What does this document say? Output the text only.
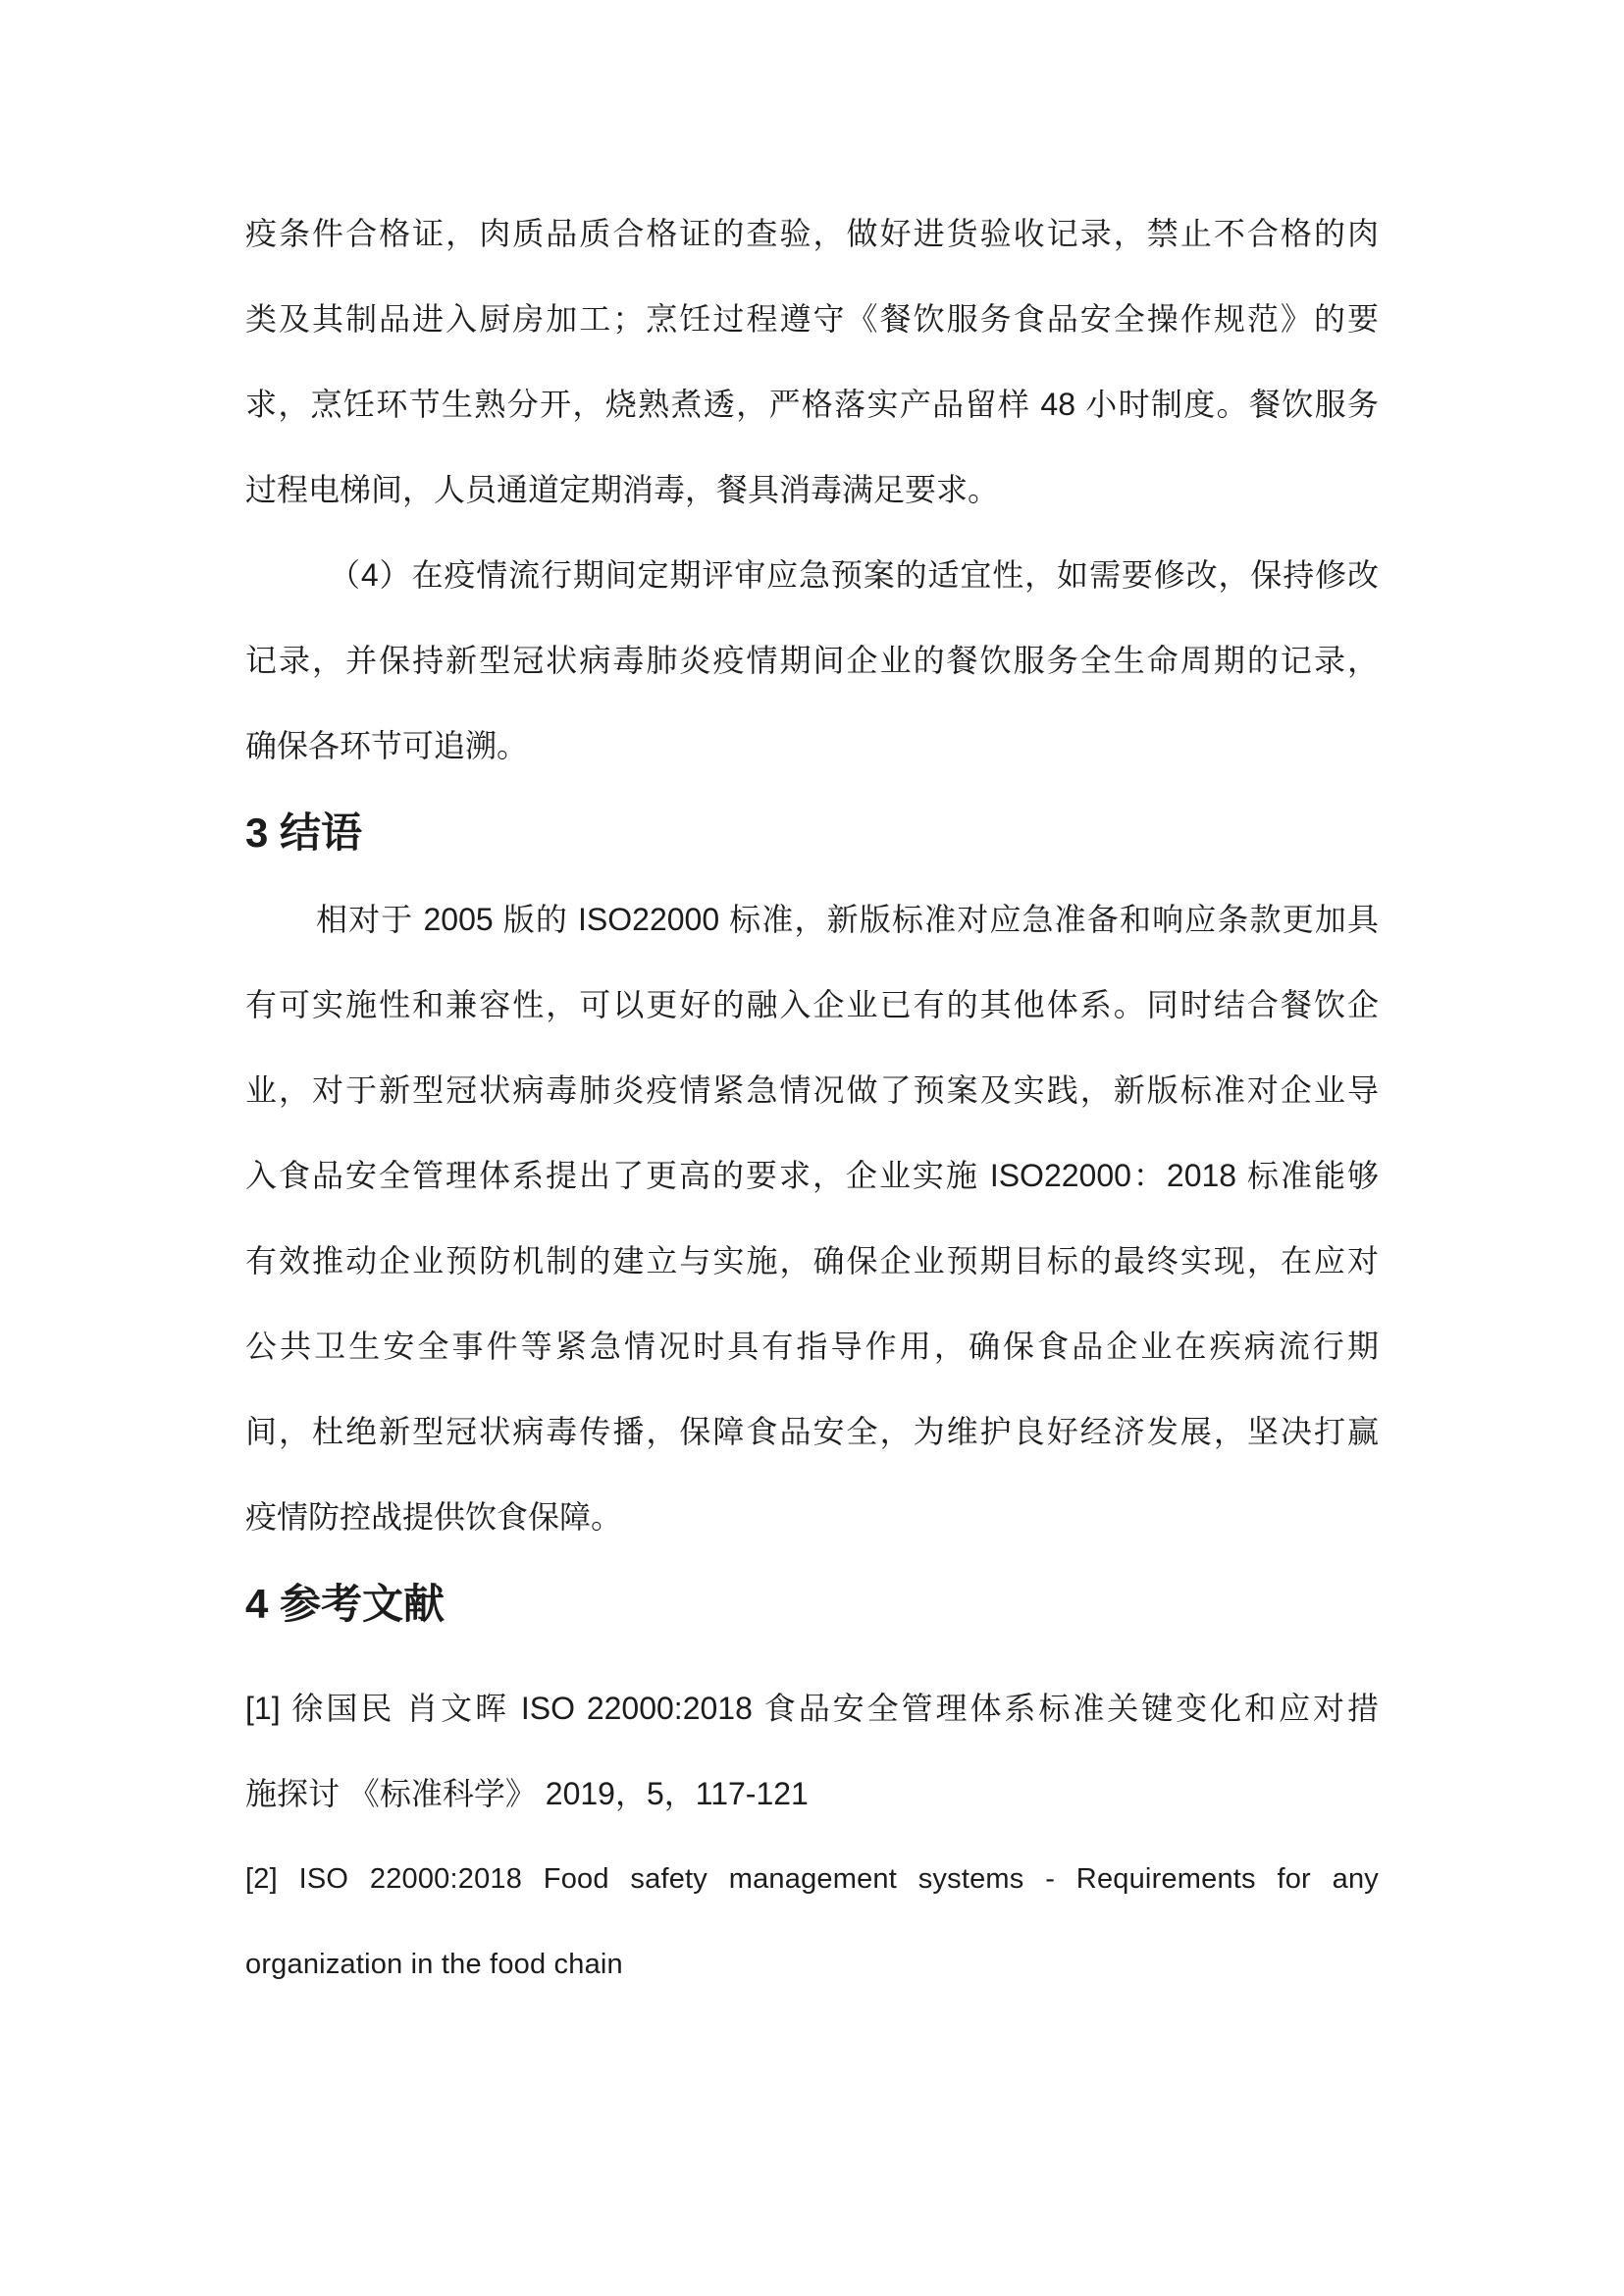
疫条件合格证，肉质品质合格证的查验，做好进货验收记录，禁止不合格的肉
类及其制品进入厨房加工；烹饪过程遵守《餐饮服务食品安全操作规范》的要
求，烹饪环节生熟分开，烧熟煮透，严格落实产品留样 48 小时制度。餐饮服务
过程电梯间，人员通道定期消毒，餐具消毒满足要求。
（4）在疫情流行期间定期评审应急预案的适宜性，如需要修改，保持修改
记录，并保持新型冠状病毒肺炎疫情期间企业的餐饮服务全生命周期的记录，
确保各环节可追溯。
3 结语
相对于 2005 版的 ISO22000 标准，新版标准对应急准备和响应条款更加具
有可实施性和兼容性，可以更好的融入企业已有的其他体系。同时结合餐饮企
业，对于新型冠状病毒肺炎疫情紧急情况做了预案及实践，新版标准对企业导
入食品安全管理体系提出了更高的要求，企业实施 ISO22000：2018 标准能够
有效推动企业预防机制的建立与实施，确保企业预期目标的最终实现，在应对
公共卫生安全事件等紧急情况时具有指导作用，确保食品企业在疾病流行期
间，杜绝新型冠状病毒传播，保障食品安全，为维护良好经济发展，坚决打赢
疫情防控战提供饮食保障。
4 参考文献
[1] 徐国民 肖文晖 ISO 22000:2018 食品安全管理体系标准关键变化和应对措
施探讨 《标准科学》 2019，5，117-121
[2] ISO 22000:2018 Food safety management systems - Requirements for any
organization in the food chain
